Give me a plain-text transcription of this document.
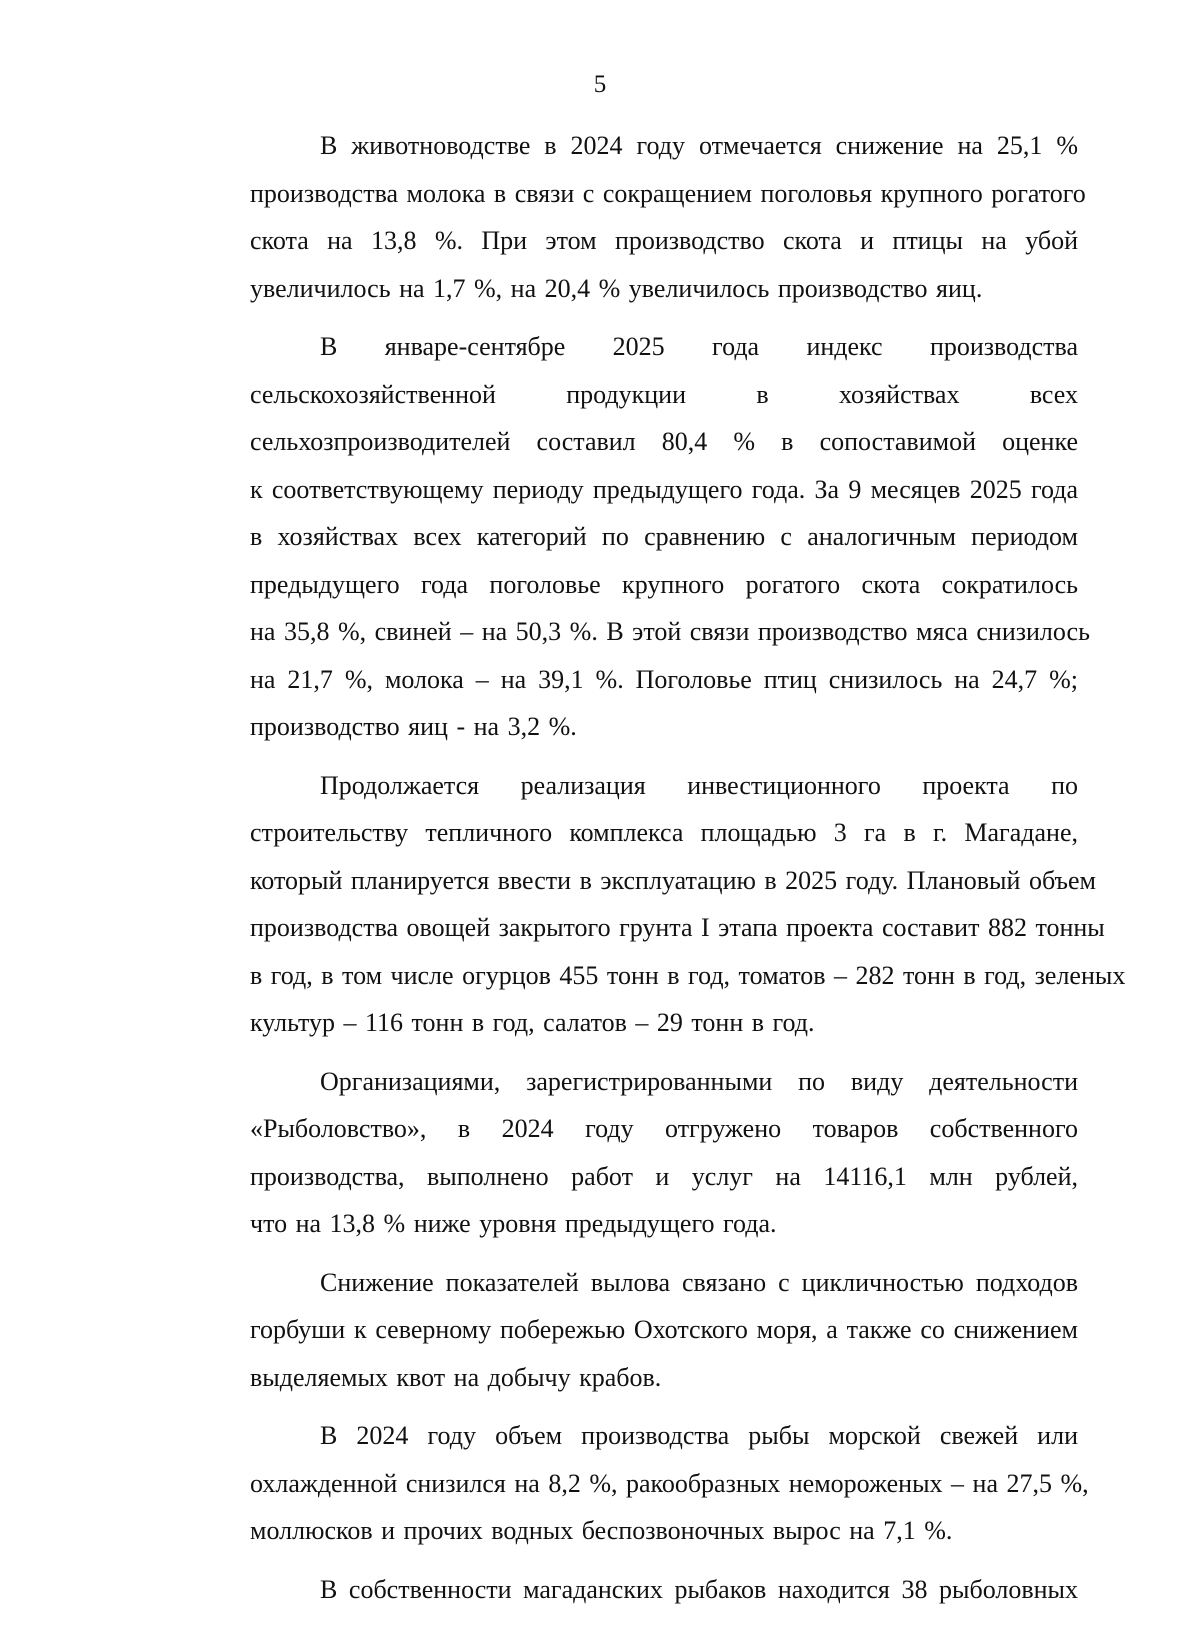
5
В животноводстве в 2024 году отмечается снижение на 25,1 %
производства молока в связи с сокращением поголовья крупного рогатого
скота на 13,8 %. При этом производство скота и птицы на убой
увеличилось на 1,7 %, на 20,4 % увеличилось производство яиц.
В январе-сентябре 2025 года индекс производства
сельскохозяйственной продукции в хозяйствах всех
сельхозпроизводителей составил 80,4 % в сопоставимой оценке
к соответствующему периоду предыдущего года. За 9 месяцев 2025 года
в хозяйствах всех категорий по сравнению с аналогичным периодом
предыдущего года поголовье крупного рогатого скота сократилось
на 35,8 %, свиней – на 50,3 %. В этой связи производство мяса снизилось
на 21,7 %, молока – на 39,1 %. Поголовье птиц снизилось на 24,7 %;
производство яиц - на 3,2 %.
Продолжается реализация инвестиционного проекта по
строительству тепличного комплекса площадью 3 га в г. Магадане,
который планируется ввести в эксплуатацию в 2025 году. Плановый объем
производства овощей закрытого грунта I этапа проекта составит 882 тонны
в год, в том числе огурцов 455 тонн в год, томатов – 282 тонн в год, зеленых
культур – 116 тонн в год, салатов – 29 тонн в год.
Организациями, зарегистрированными по виду деятельности
«Рыболовство», в 2024 году отгружено товаров собственного
производства, выполнено работ и услуг на 14116,1 млн рублей,
что на 13,8 % ниже уровня предыдущего года.
Снижение показателей вылова связано с цикличностью подходов
горбуши к северному побережью Охотского моря, а также со снижением
выделяемых квот на добычу крабов.
В 2024 году объем производства рыбы морской свежей или
охлажденной снизился на 8,2 %, ракообразных немороженых – на 27,5 %,
моллюсков и прочих водных беспозвоночных вырос на 7,1 %.
В собственности магаданских рыбаков находится 38 рыболовных
